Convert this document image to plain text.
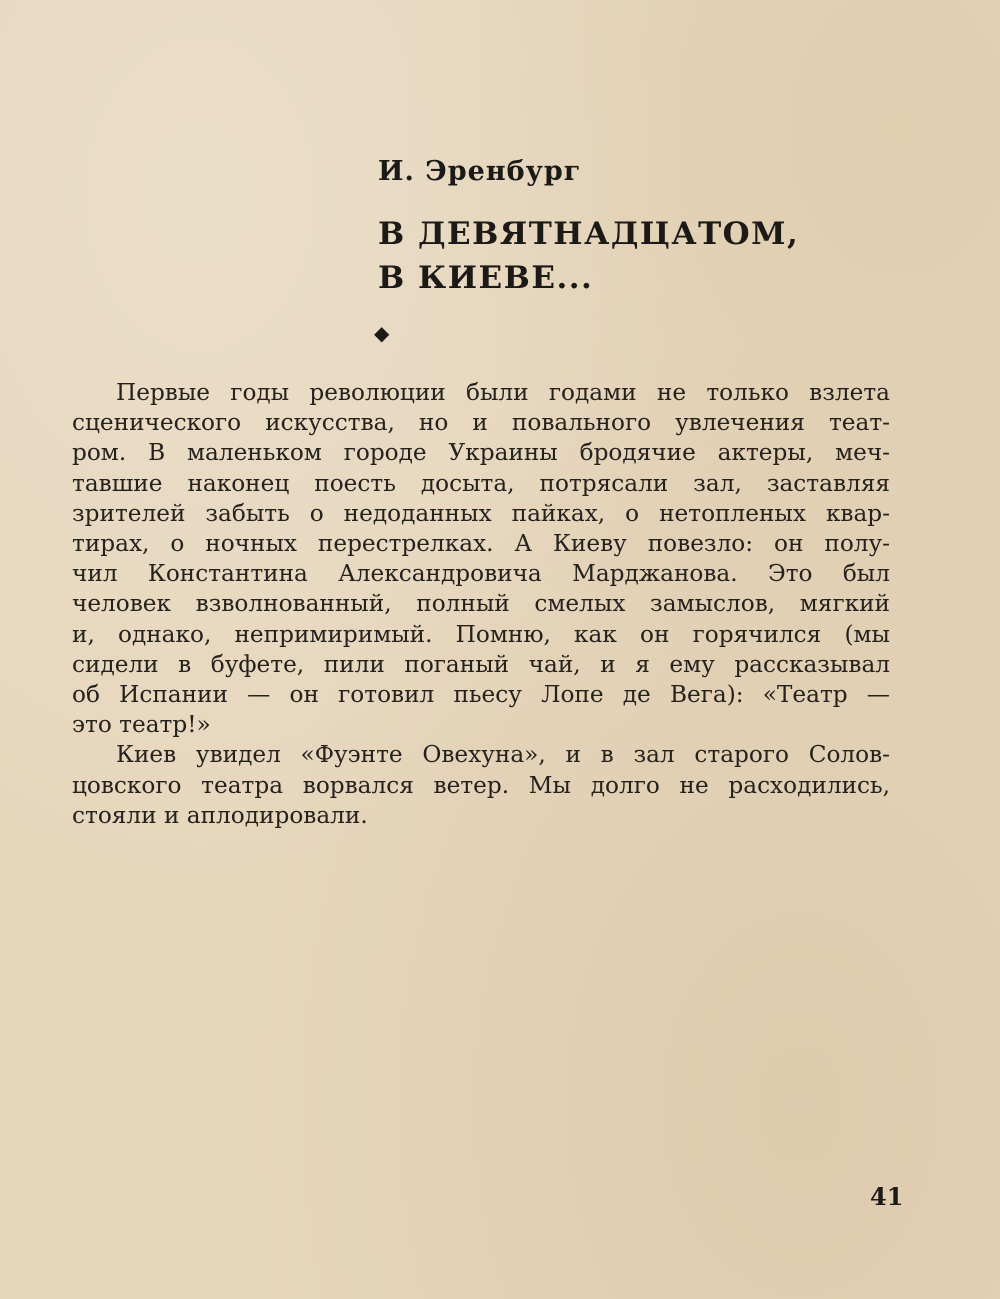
И. Эренбург
В ДЕВЯТНАДЦАТОМ,
В КИЕВЕ...
◆

Первые годы революции были годами не только взлета
сценического искусства, но и повального увлечения теат-
ром. В маленьком городе Украины бродячие актеры, меч-
тавшие наконец поесть досыта, потрясали зал, заставляя
зрителей забыть о недоданных пайках, о нетопленых квар-
тирах, о ночных перестрелках. А Киеву повезло: он полу-
чил Константина Александровича Марджанова. Это был
человек взволнованный, полный смелых замыслов, мягкий
и, однако, непримиримый. Помню, как он горячился (мы
сидели в буфете, пили поганый чай, и я ему рассказывал
об Испании — он готовил пьесу Лопе де Вега): «Театр —
это театр!»

Киев увидел «Фуэнте Овехуна», и в зал старого Солов-
цовского театра ворвался ветер. Мы долго не расходились,
стояли и аплодировали.

41
